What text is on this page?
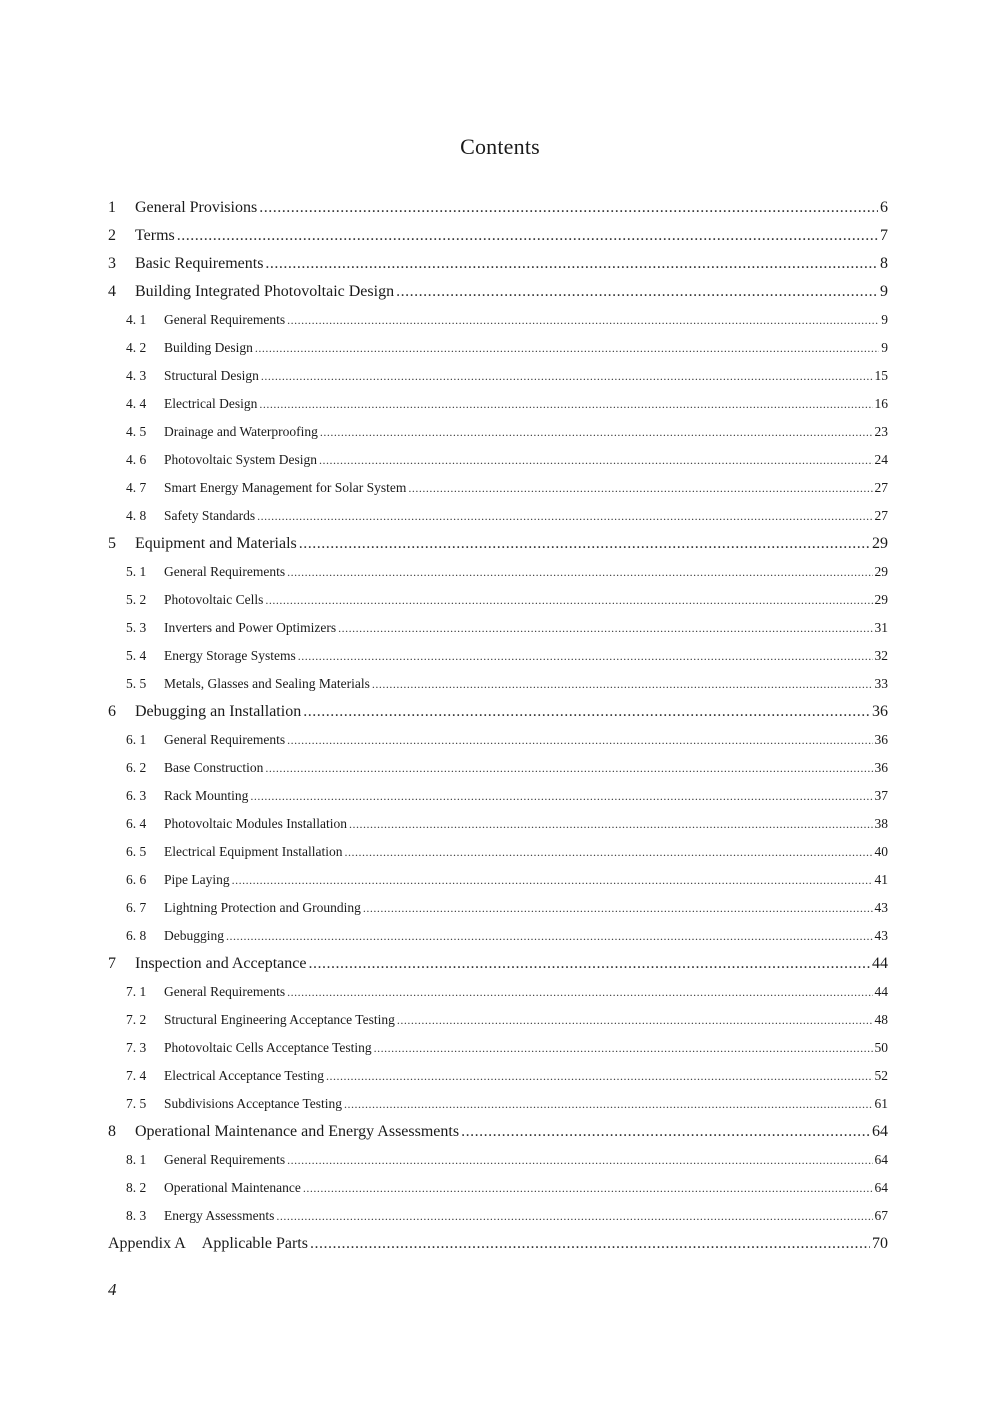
Contents
1	General Provisions .....	6
2	Terms .....	7
3	Basic Requirements .....	8
4	Building Integrated Photovoltaic Design .....	9
4. 1	General Requirements .....	9
4. 2	Building Design .....	9
4. 3	Structural Design .....	15
4. 4	Electrical Design .....	16
4. 5	Drainage and Waterproofing .....	23
4. 6	Photovoltaic System Design .....	24
4. 7	Smart Energy Management for Solar System .....	27
4. 8	Safety Standards .....	27
5	Equipment and Materials .....	29
5. 1	General Requirements .....	29
5. 2	Photovoltaic Cells .....	29
5. 3	Inverters and Power Optimizers .....	31
5. 4	Energy Storage Systems .....	32
5. 5	Metals, Glasses and Sealing Materials .....	33
6	Debugging an Installation .....	36
6. 1	General Requirements .....	36
6. 2	Base Construction .....	36
6. 3	Rack Mounting .....	37
6. 4	Photovoltaic Modules Installation .....	38
6. 5	Electrical Equipment Installation .....	40
6. 6	Pipe Laying .....	41
6. 7	Lightning Protection and Grounding .....	43
6. 8	Debugging .....	43
7	Inspection and Acceptance .....	44
7. 1	General Requirements .....	44
7. 2	Structural Engineering Acceptance Testing .....	48
7. 3	Photovoltaic Cells Acceptance Testing .....	50
7. 4	Electrical Acceptance Testing .....	52
7. 5	Subdivisions Acceptance Testing .....	61
8	Operational Maintenance and Energy Assessments .....	64
8. 1	General Requirements .....	64
8. 2	Operational Maintenance .....	64
8. 3	Energy Assessments .....	67
Appendix A Applicable Parts .....	70
4
